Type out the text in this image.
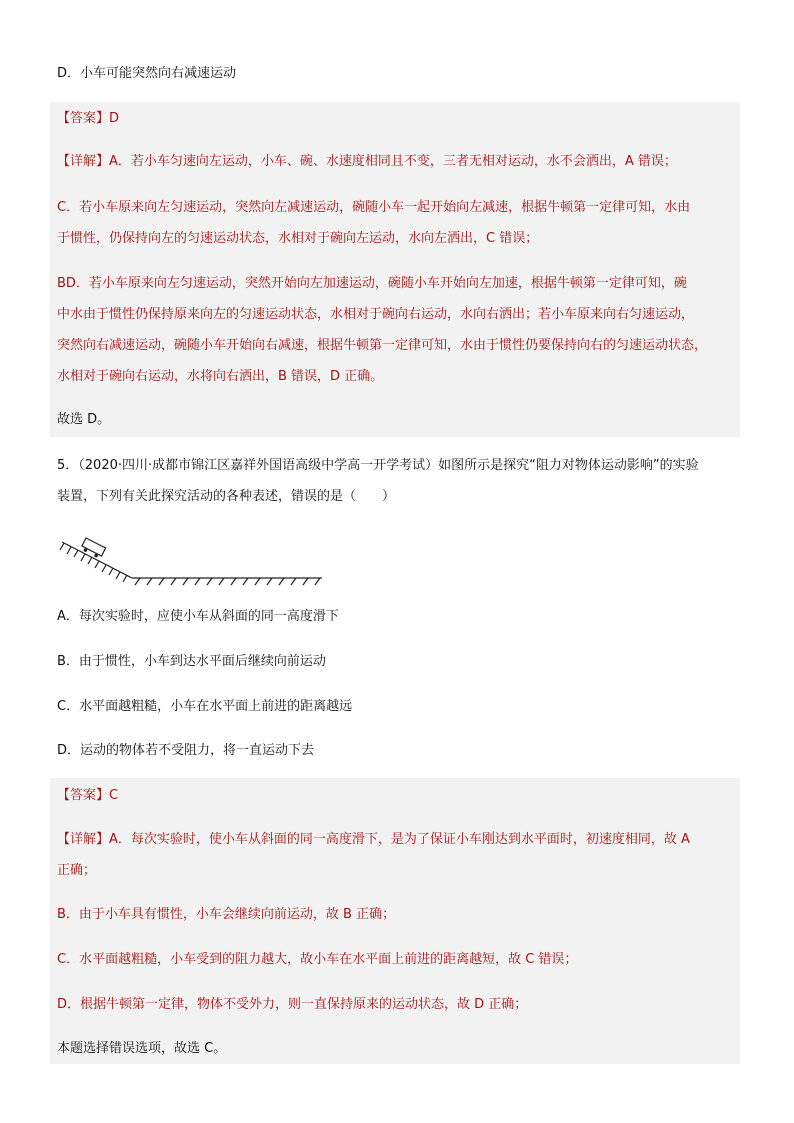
D．小车可能突然向右减速运动
【答案】D
【详解】A．若小车匀速向左运动，小车、碗、水速度相同且不变，三者无相对运动，水不会洒出，A 错误；
C．若小车原来向左匀速运动，突然向左减速运动，碗随小车一起开始向左减速，根据牛顿第一定律可知，水由
于惯性，仍保持向左的匀速运动状态，水相对于碗向左运动，水向左洒出，C 错误；
BD．若小车原来向左匀速运动，突然开始向左加速运动，碗随小车开始向左加速，根据牛顿第一定律可知，碗
中水由于惯性仍保持原来向左的匀速运动状态，水相对于碗向右运动，水向右洒出；若小车原来向右匀速运动，
突然向右减速运动，碗随小车开始向右减速，根据牛顿第一定律可知，水由于惯性仍要保持向右的匀速运动状态，
水相对于碗向右运动，水将向右洒出，B 错误，D 正确。
故选 D。
5．（2020·四川·成都市锦江区嘉祥外国语高级中学高一开学考试）如图所示是探究“阻力对物体运动影响”的实验
装置，下列有关此探究活动的各种表述，错误的是（　　）
A．每次实验时，应使小车从斜面的同一高度滑下
B．由于惯性，小车到达水平面后继续向前运动
C．水平面越粗糙，小车在水平面上前进的距离越远
D．运动的物体若不受阻力，将一直运动下去
【答案】C
【详解】A．每次实验时，使小车从斜面的同一高度滑下，是为了保证小车刚达到水平面时，初速度相同，故 A
正确；
B．由于小车具有惯性，小车会继续向前运动，故 B 正确；
C．水平面越粗糙，小车受到的阻力越大，故小车在水平面上前进的距离越短，故 C 错误；
D．根据牛顿第一定律，物体不受外力，则一直保持原来的运动状态，故 D 正确；
本题选择错误选项，故选 C。
